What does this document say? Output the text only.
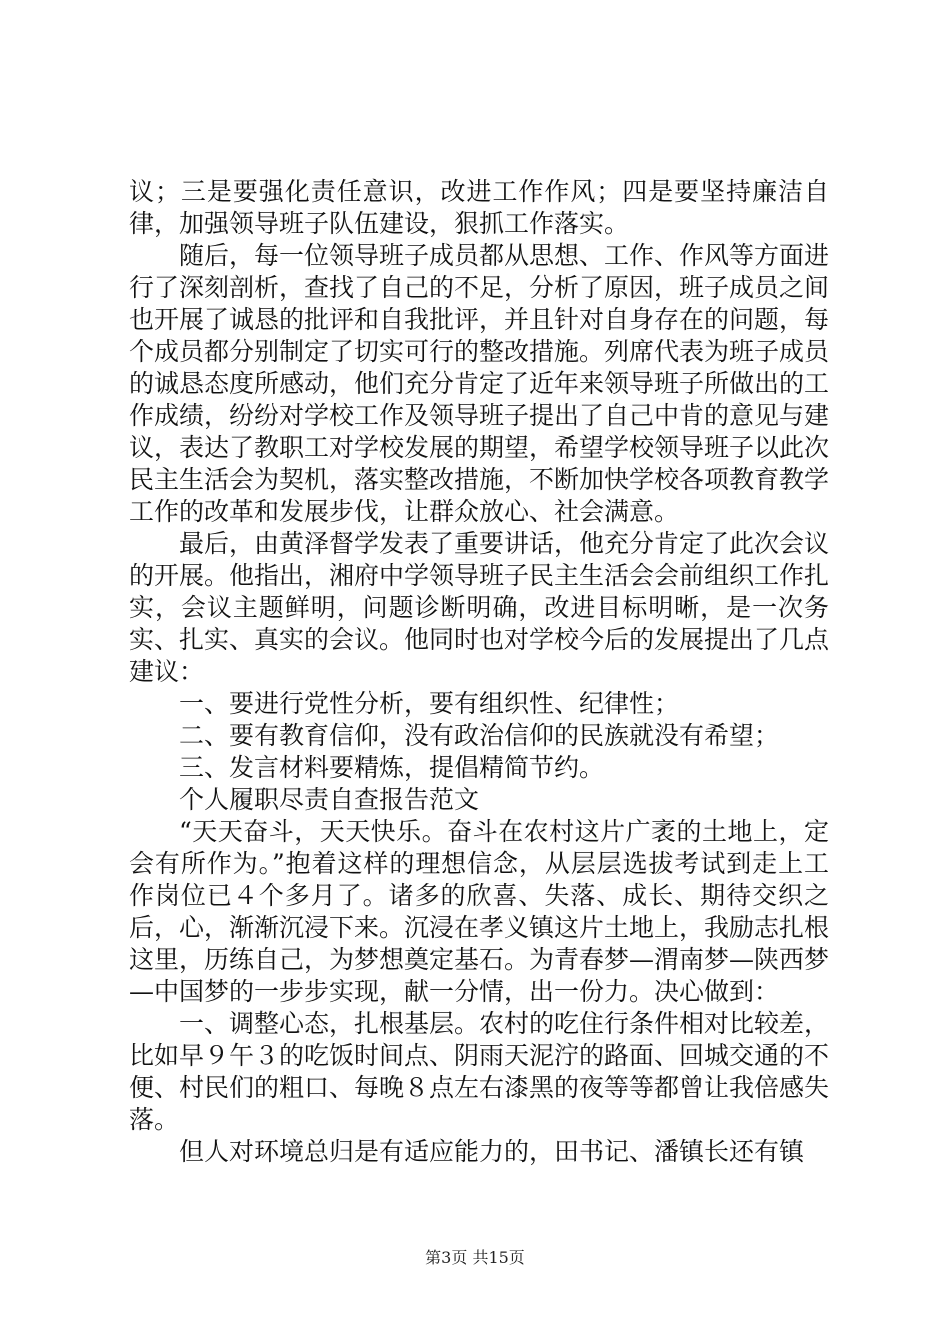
议；三是要强化责任意识，改进工作作风；四是要坚持廉洁自律，加强领导班子队伍建设，狠抓工作落实。

随后，每一位领导班子成员都从思想、工作、作风等方面进行了深刻剖析，查找了自己的不足，分析了原因，班子成员之间也开展了诚恳的批评和自我批评，并且针对自身存在的问题，每个成员都分别制定了切实可行的整改措施。列席代表为班子成员的诚恳态度所感动，他们充分肯定了近年来领导班子所做出的工作成绩，纷纷对学校工作及领导班子提出了自己中肯的意见与建议，表达了教职工对学校发展的期望，希望学校领导班子以此次民主生活会为契机，落实整改措施，不断加快学校各项教育教学工作的改革和发展步伐，让群众放心、社会满意。

最后，由黄泽督学发表了重要讲话，他充分肯定了此次会议的开展。他指出，湘府中学领导班子民主生活会会前组织工作扎实，会议主题鲜明，问题诊断明确，改进目标明晰，是一次务实、扎实、真实的会议。他同时也对学校今后的发展提出了几点建议：

一、要进行党性分析，要有组织性、纪律性；

二、要有教育信仰，没有政治信仰的民族就没有希望；

三、发言材料要精炼，提倡精简节约。

个人履职尽责自查报告范文

“天天奋斗，天天快乐。奋斗在农村这片广袤的土地上，定会有所作为。”抱着这样的理想信念，从层层选拔考试到走上工作岗位已４个多月了。诸多的欣喜、失落、成长、期待交织之后，心，渐渐沉浸下来。沉浸在孝义镇这片土地上，我励志扎根这里，历练自己，为梦想奠定基石。为青春梦—渭南梦—陕西梦—中国梦的一步步实现，献一分情，出一份力。决心做到：

一、调整心态，扎根基层。农村的吃住行条件相对比较差，比如早９午３的吃饭时间点、阴雨天泥泞的路面、回城交通的不便、村民们的粗口、每晚８点左右漆黑的夜等等都曾让我倍感失落。

但人对环境总归是有适应能力的，田书记、潘镇长还有镇

第3页 共15页
